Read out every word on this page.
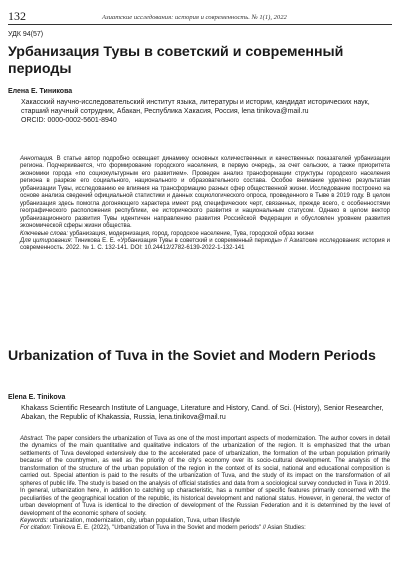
132	Азиатские исследования: история и современность. № 1(1), 2022
УДК 94(57)
Урбанизация Тувы в советский и современный периоды
Елена Е. Тиникова

Хакасский научно-исследовательский институт языка, литературы и истории, кандидат исторических наук, старший научный сотрудник, Абакан, Республика Хакасия, Россия, lena tinikova@mail.ru

ORCID: 0000-0002-5601-8940

Аннотация. В статье автор подробно освещает динамику основных количественных и качественных показателей урбанизации региона. Подчеркивается, что формирование городского населения, в первую очередь, за счет сельских, а также приоритета экономики города «по социокультурным его развитием». Проведен анализ трансформации структуры городского населения региона в разрезе его социального, национального и образовательного состава. Особое внимание уделено результатам урбанизации Тувы, исследованию ее влияния на трансформацию разных сфер общественной жизни. Исследование построено на основе анализа сведений официальной статистики и данных социологического опроса, проведенного в Тыве в 2019 году. В целом урбанизация здесь помогла догоняющего характера имеет ряд специфических черт, связанных, прежде всего, с особенностями географического расположения республики, ее исторического развития и национальным статусом. Однако в целом вектор урбанизационного развития Тувы идентичен направлению развития Российской Федерации и обусловлен уровнем развития экономической сферы жизни общества.

Ключевые слова: урбанизация, модернизация, город, городское население, Тува, городской образ жизни

Для цитирования: Тиникова Е. Е. «Урбанизация Тувы в советский и современный периоды» // Азиатские исследования: история и современность. 2022. № 1. С. 132-141. DOI: 10.24412/2782-6139-2022-1-132-141

Urbanization of Tuva in the Soviet and Modern Periods
Elena E. Tinikova

Khakass Scientific Research Institute of Language, Literature and History, Cand. of Sci. (History), Senior Researcher, Abakan, the Republic of Khakassia, Russia, lena.tinikova@mail.ru

Abstract. The paper considers the urbanization of Tuva as one of the most important aspects of modernization. The author covers in detail the dynamics of the main quantitative and qualitative indicators of the urbanization of the region. It is emphasized that the urban settlements of Tuva developed extensively due to the accelerated pace of urbanization, the formation of the urban population primarily because of the countrymen, as well as the priority of the city's economy over its socio-cultural development. The analysis of the transformation of the structure of the urban population of the region in the context of its social, national and educational composition is carried out. Special attention is paid to the results of the urbanization of Tuva, and the study of its impact on the transformation of all spheres of public life. The study is based on the analysis of official statistics and data from a sociological survey conducted in Tuva in 2019. In general, urbanization here, in addition to catching up characteristic, has a number of specific features primarily concerned with the peculiarities of the geographical location of the republic, its historical development and national status. However, in general, the vector of urban development of Tuva is identical to the direction of development of the Russian Federation and it is determined by the level of development of the economic sphere of society.

Keywords: urbanization, modernization, city, urban population, Tuva, urban lifestyle

For citation: Tinikova E. E. (2022), "Urbanization of Tuva in the Soviet and modern periods" // Asian Studies:
